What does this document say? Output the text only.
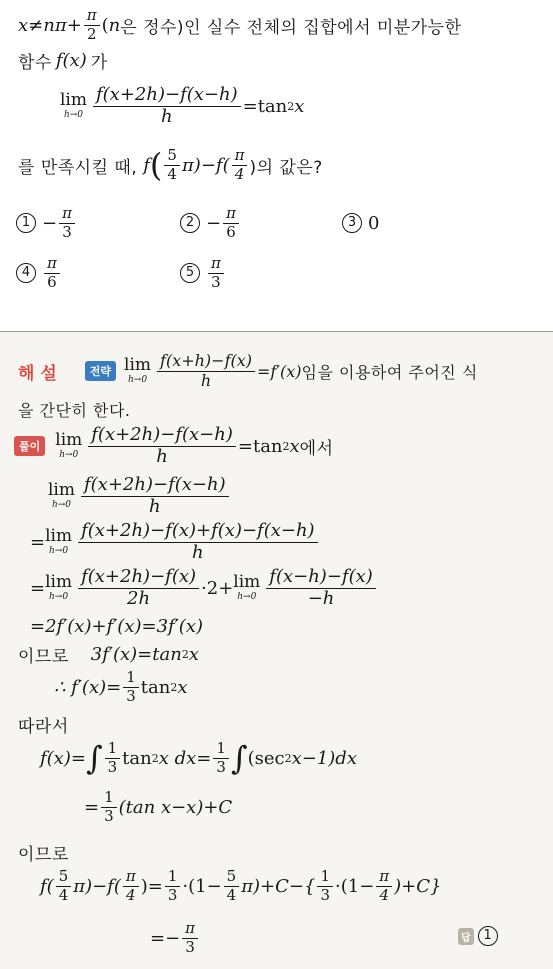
$x \ne n\pi + \frac{\pi}{2}$ ( n 은 정수)인 실수 전체의 집합에서 미분가능한
함수 f(x) 가
lim
$h\to 0 \frac{f(x+2h)-f(x-h)}{h} =\tan$ 2 x
를 만족시킬 때, f ( $\frac{5}{4}$ π )$-f( \frac{\pi}{4}$ )의 값은?
$1 - \frac{\pi}{3}$	$2 - \frac{\pi}{6}$	3 0
$4 \frac{\pi}{6}$	$5 \frac{\pi}{3}$
해 설	전략 lim
$h\to 0 \frac{f(x+h)-f(x)}{h} =f'(x)$ 임을 이용하여 주어진 식
을 간단히 한다.
풀이 lim
$h\to 0 \frac{f(x+2h)-f(x-h)}{h} =\tan$ 2 x 에서
lim
$h\to 0 \frac{f(x+2h)-f(x-h)}{h}$
= lim
$h\to 0 \frac{f(x+2h)-f(x)+f(x)-f(x-h)}{h}$
= lim
$h\to 0 \frac{f(x+2h)-f(x)}{2h} \cdot 2+ \lim$
$h\to 0 \frac{f(x-h)-f(x)}{-h}$
=2f′(x)+f′(x)=3f′(x)
이므로 3f′(x)=tan 2 x
∴ $f'(x)= \frac{1}{3}$ tan 2 x
따라서
f(x)= ∫ $\frac{1}{3}$ tan 2 x $dx= \frac{1}{3}$ ∫ (sec 2 x−1)dx
= $\frac{1}{3} (\tan$ x−x)+C
이므로
$f( \frac{5}{4}$ π )$-f( \frac{\pi}{4}$ )= $\frac{1}{3} \cdot(1- \frac{5}{4} \pi)+C-\{ \frac{1}{3} \cdot(1- \frac{\pi}{4} )+C\}$
=− $\frac{\pi}{3}$	답 1
